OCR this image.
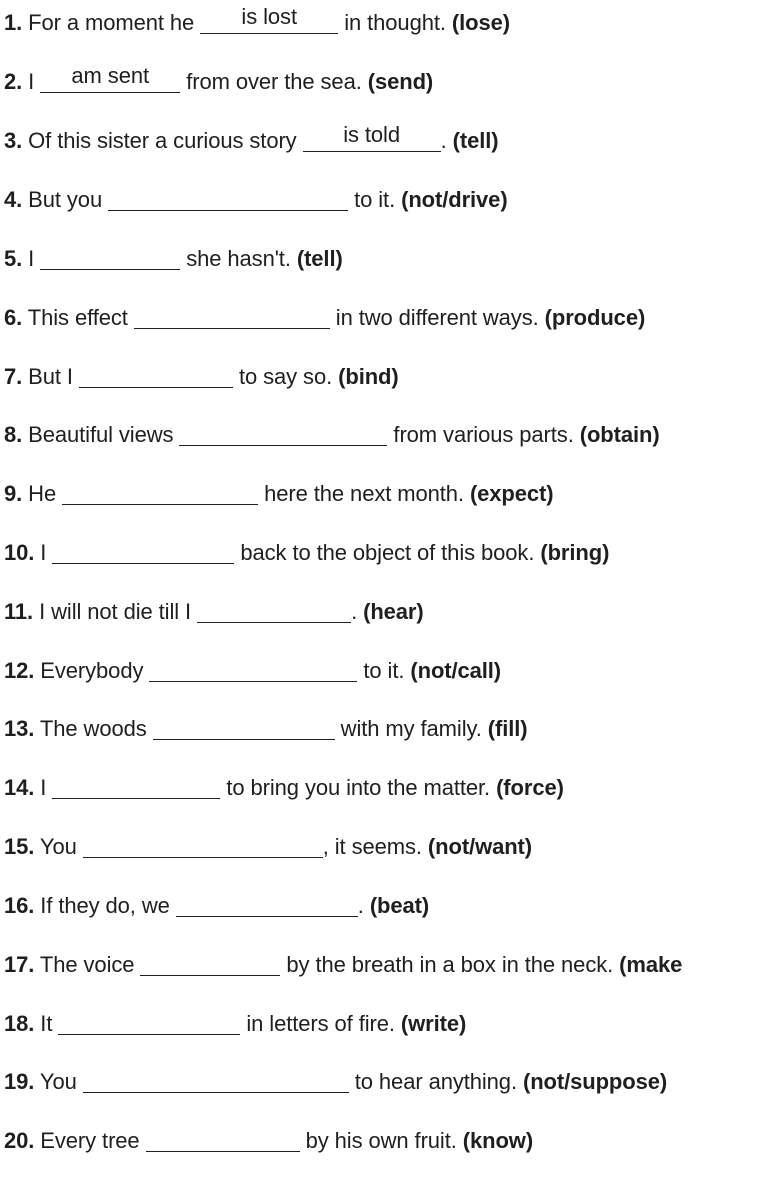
1. For a moment he	is lost	in thought. (lose)
2. I	am sent	from over the sea. (send)
3. Of this sister a curious story	is told	. (tell)
4. But you	to it. (not/drive)
5. I	she hasn't. (tell)
6. This effect	in two different ways. (produce)
7. But I	to say so. (bind)
8. Beautiful views	from various parts. (obtain)
9. He	here the next month. (expect)
10. I	back to the object of this book. (bring)
11. I will not die till I	. (hear)
12. Everybody	to it. (not/call)
13. The woods	with my family. (fill)
14. I	to bring you into the matter. (force)
15. You	, it seems. (not/want)
16. If they do, we	. (beat)
17. The voice	by the breath in a box in the neck. (make
18. It	in letters of fire. (write)
19. You	to hear anything. (not/suppose)
20. Every tree	by his own fruit. (know)
